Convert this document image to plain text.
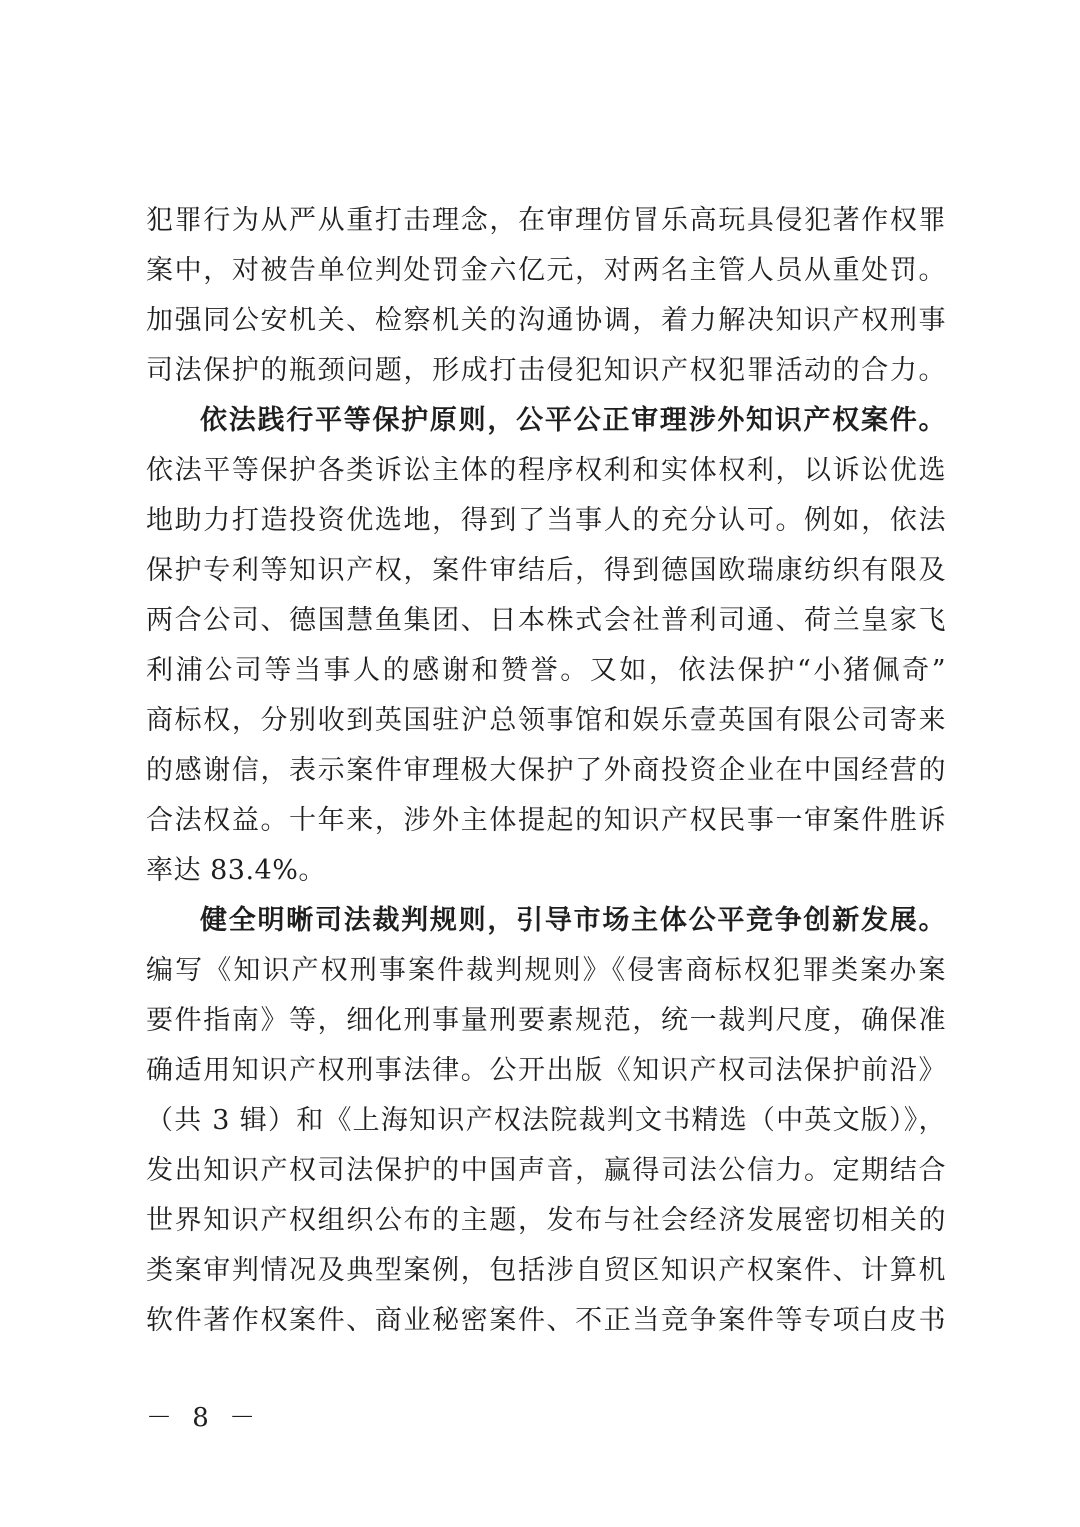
犯罪行为从严从重打击理念，在审理仿冒乐高玩具侵犯著作权罪
案中，对被告单位判处罚金六亿元，对两名主管人员从重处罚。
加强同公安机关、检察机关的沟通协调，着力解决知识产权刑事
司法保护的瓶颈问题，形成打击侵犯知识产权犯罪活动的合力。
依法践行平等保护原则，公平公正审理涉外知识产权案件。
依法平等保护各类诉讼主体的程序权利和实体权利，以诉讼优选
地助力打造投资优选地，得到了当事人的充分认可。例如，依法
保护专利等知识产权，案件审结后，得到德国欧瑞康纺织有限及
两合公司、德国慧鱼集团、日本株式会社普利司通、荷兰皇家飞
利浦公司等当事人的感谢和赞誉。又如，依法保护“小猪佩奇”
商标权，分别收到英国驻沪总领事馆和娱乐壹英国有限公司寄来
的感谢信，表示案件审理极大保护了外商投资企业在中国经营的
合法权益。十年来，涉外主体提起的知识产权民事一审案件胜诉
率达 83.4%。
健全明晰司法裁判规则，引导市场主体公平竞争创新发展。
编写《知识产权刑事案件裁判规则》《侵害商标权犯罪类案办案
要件指南》等，细化刑事量刑要素规范，统一裁判尺度，确保准
确适用知识产权刑事法律。公开出版《知识产权司法保护前沿》
（共 3 辑）和《上海知识产权法院裁判文书精选（中英文版）》，
发出知识产权司法保护的中国声音，赢得司法公信力。定期结合
世界知识产权组织公布的主题，发布与社会经济发展密切相关的
类案审判情况及典型案例，包括涉自贸区知识产权案件、计算机
软件著作权案件、商业秘密案件、不正当竞争案件等专项白皮书
－ 8 －
